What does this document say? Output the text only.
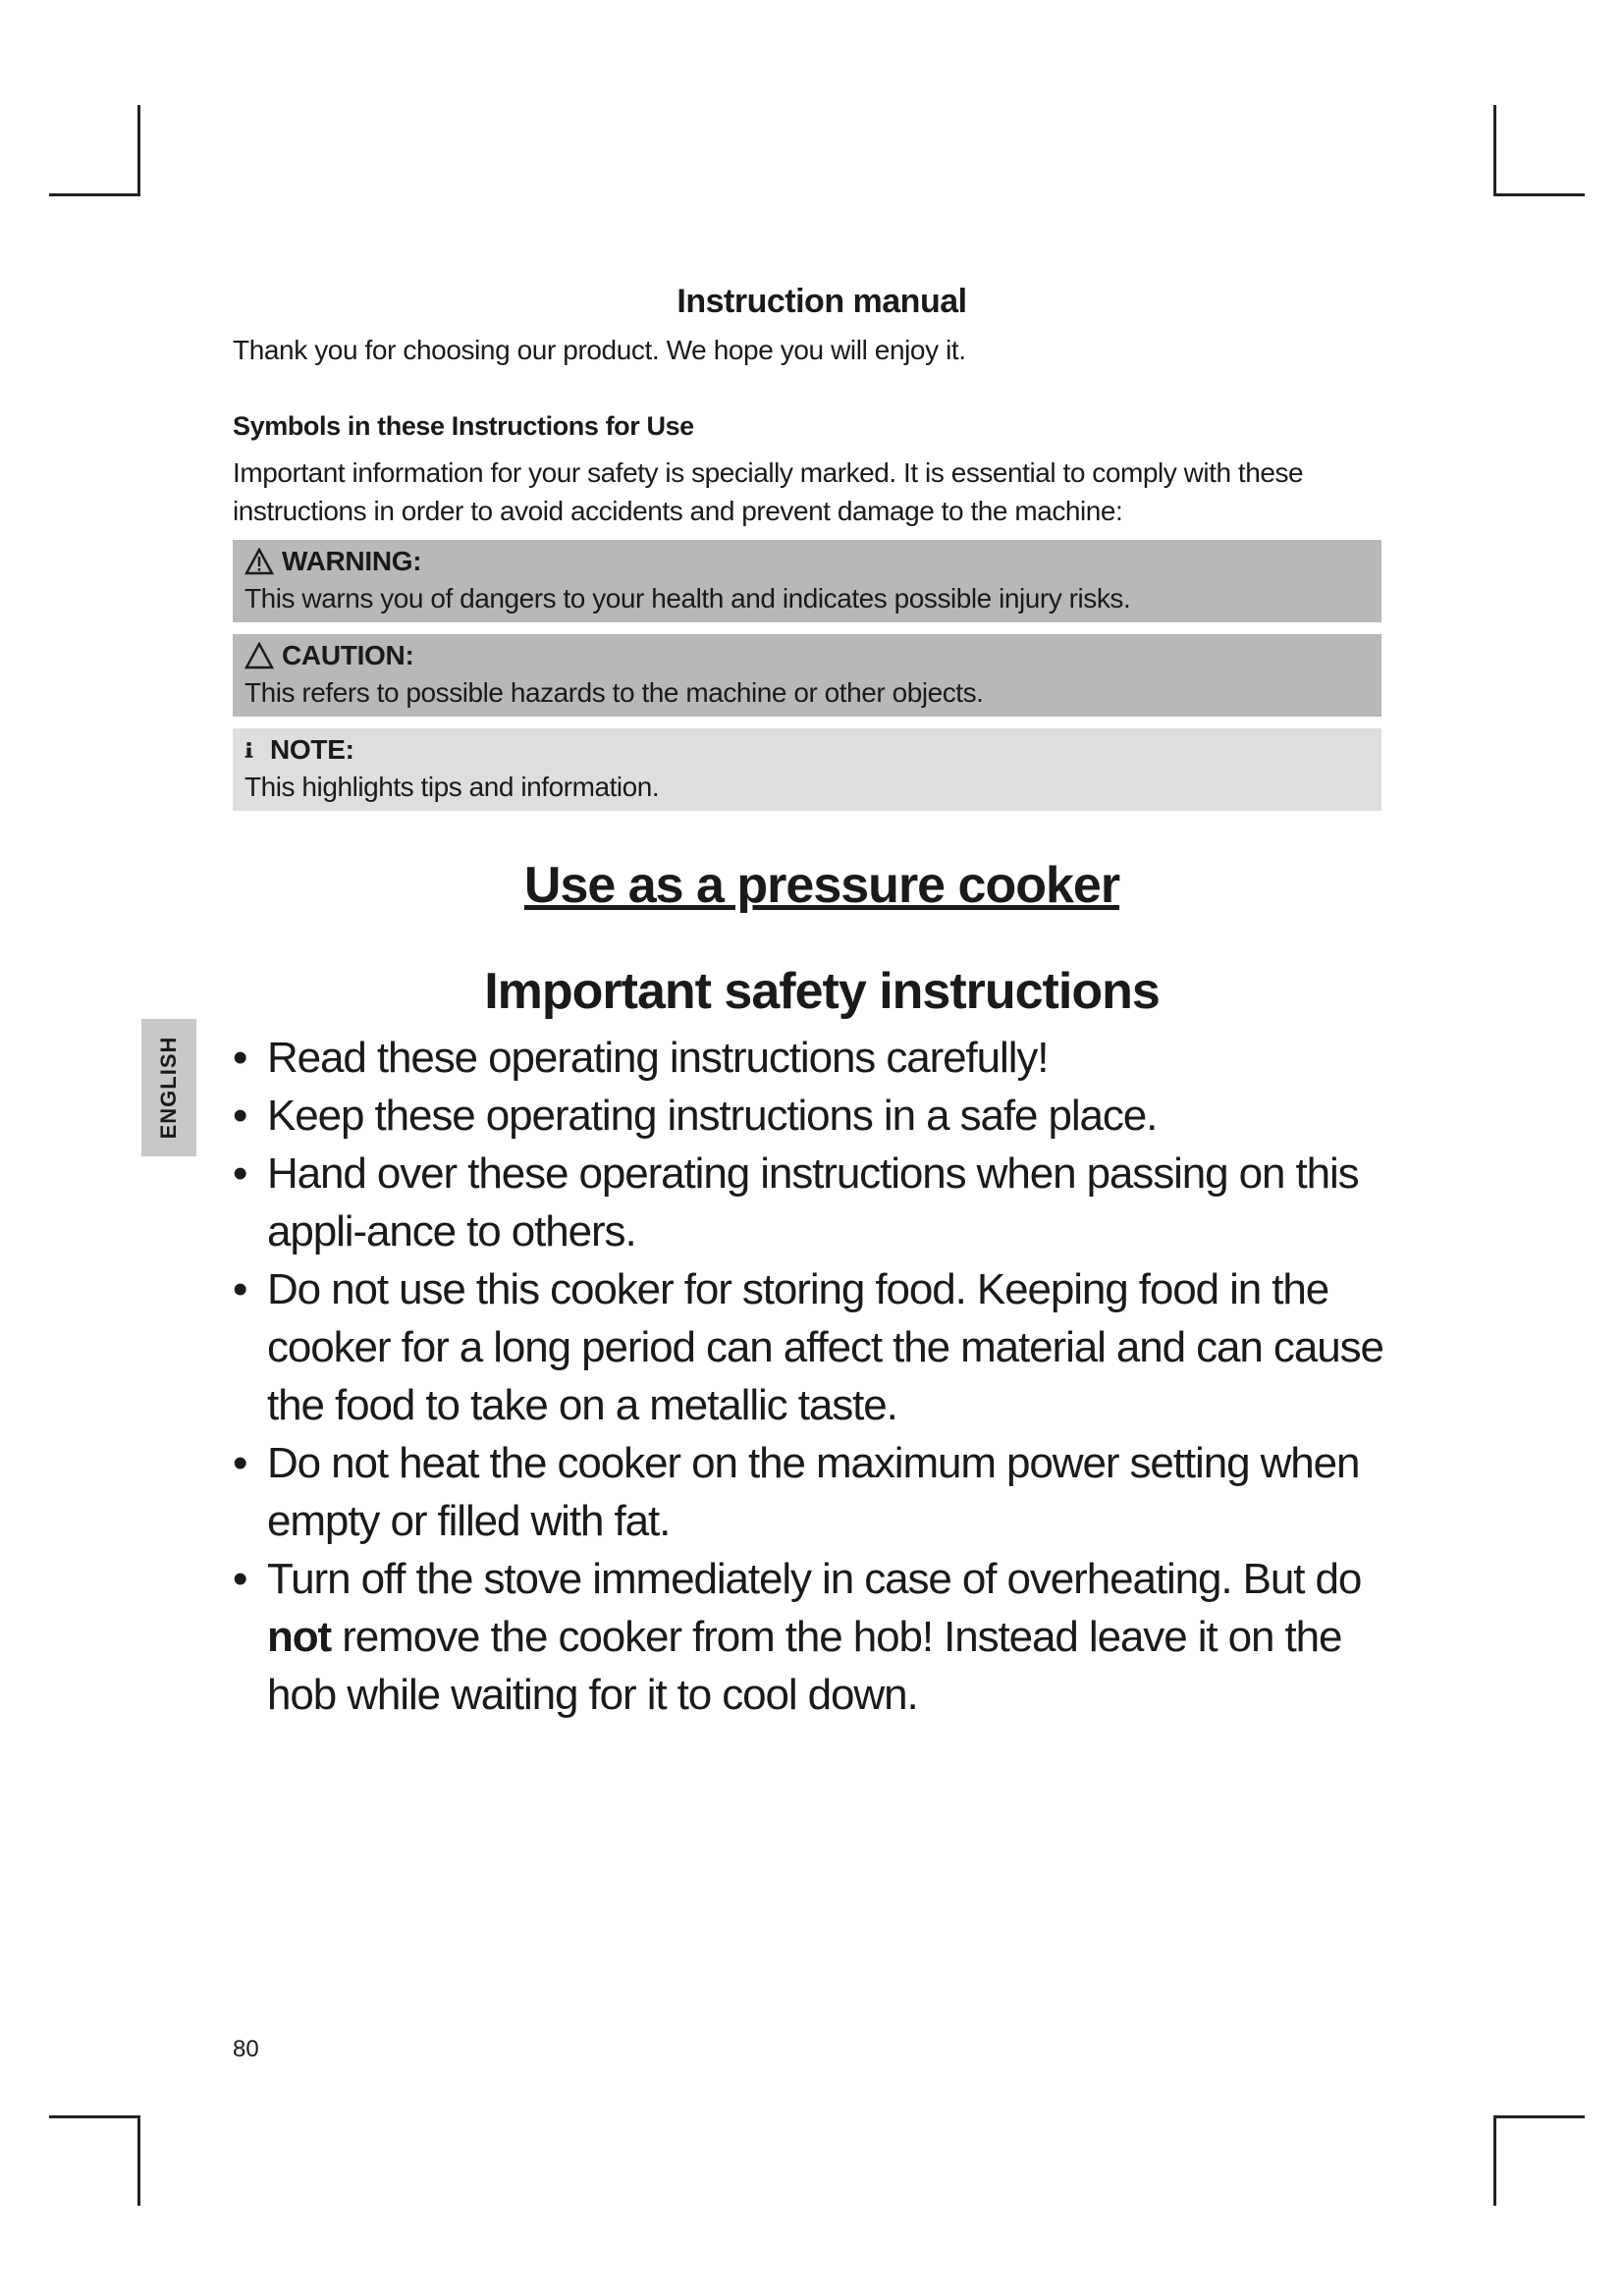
Instruction manual

Thank you for choosing our product. We hope you will enjoy it.

Symbols in these Instructions for Use

Important information for your safety is specially marked. It is essential to comply with these instructions in order to avoid accidents and prevent damage to the machine:

WARNING:
This warns you of dangers to your health and indicates possible injury risks.
CAUTION:
This refers to possible hazards to the machine or other objects.
NOTE:
This highlights tips and information.
Use as a pressure cooker
Important safety instructions
• Read these operating instructions carefully!
• Keep these operating instructions in a safe place.
• Hand over these operating instructions when passing on this appli-ance to others.
• Do not use this cooker for storing food. Keeping food in the cooker for a long period can affect the material and can cause the food to take on a metallic taste.
• Do not heat the cooker on the maximum power setting when empty or filled with fat.
• Turn off the stove immediately in case of overheating. But do not remove the cooker from the hob! Instead leave it on the hob while waiting for it to cool down.
ENGLISH
80
